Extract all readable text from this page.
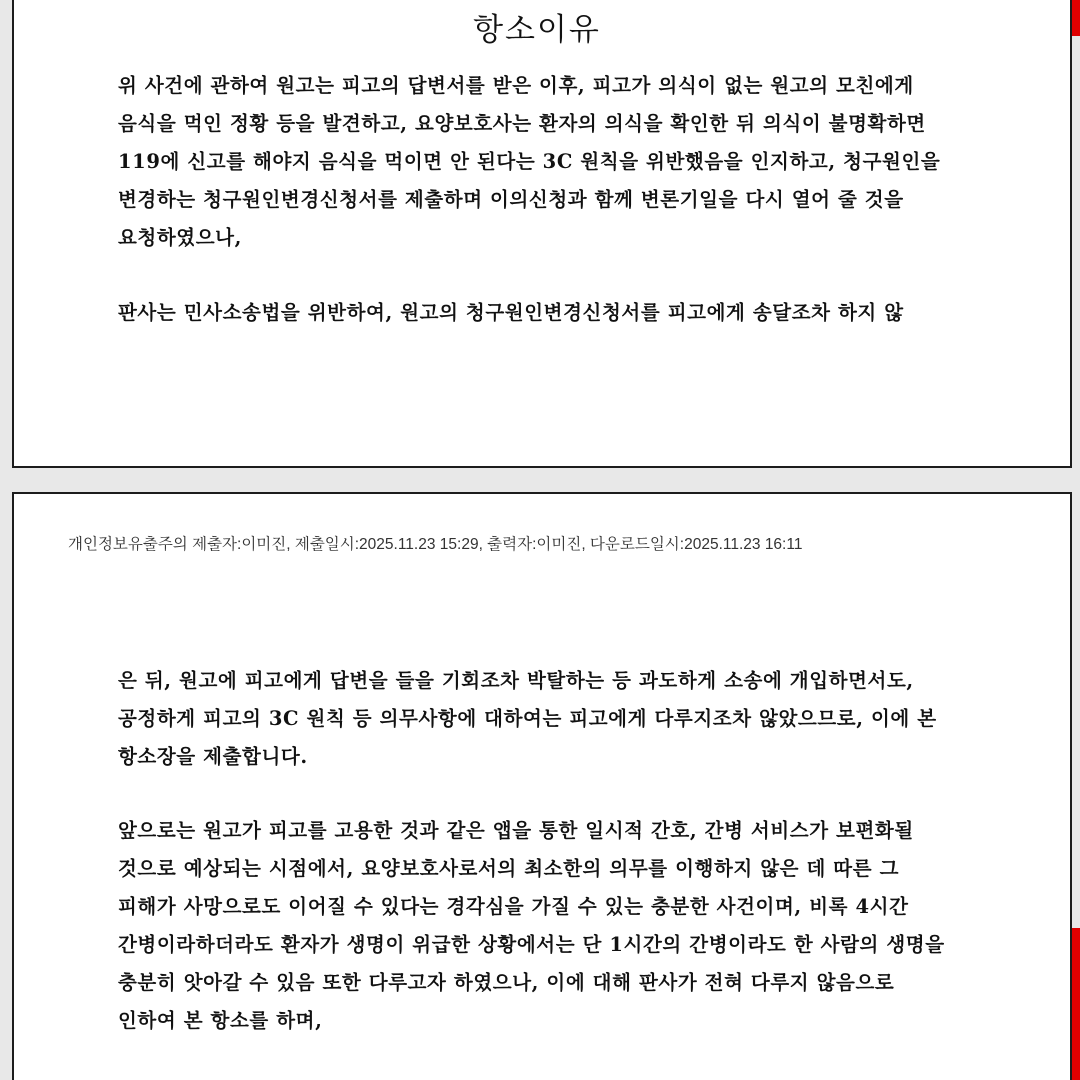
항소이유

위 사건에 관하여 원고는 피고의 답변서를 받은 이후, 피고가 의식이 없는 원고의 모친에게 음식을 먹인 정황 등을 발견하고, 요양보호사는 환자의 의식을 확인한 뒤 의식이 불명확하면 119에 신고를 해야지 음식을 먹이면 안 된다는 3C 원칙을 위반했음을 인지하고, 청구원인을 변경하는 청구원인변경신청서를 제출하며 이의신청과 함께 변론기일을 다시 열어 줄 것을 요청하였으나,

판사는 민사소송법을 위반하여, 원고의 청구원인변경신청서를 피고에게 송달조차 하지 않

개인정보유출주의 제출자:이미진, 제출일시:2025.11.23 15:29, 출력자:이미진, 다운로드일시:2025.11.23 16:11

은 뒤, 원고에 피고에게 답변을 들을 기회조차 박탈하는 등 과도하게 소송에 개입하면서도, 공정하게 피고의 3C 원칙 등 의무사항에 대하여는 피고에게 다루지조차 않았으므로, 이에 본 항소장을 제출합니다.

앞으로는 원고가 피고를 고용한 것과 같은 앱을 통한 일시적 간호, 간병 서비스가 보편화될 것으로 예상되는 시점에서, 요양보호사로서의 최소한의 의무를 이행하지 않은 데 따른 그 피해가 사망으로도 이어질 수 있다는 경각심을 가질 수 있는 충분한 사건이며, 비록 4시간 간병이라하더라도 환자가 생명이 위급한 상황에서는 단 1시간의 간병이라도 한 사람의 생명을 충분히 앗아갈 수 있음 또한 다루고자 하였으나, 이에 대해 판사가 전혀 다루지 않음으로 인하여 본 항소를 하며,
